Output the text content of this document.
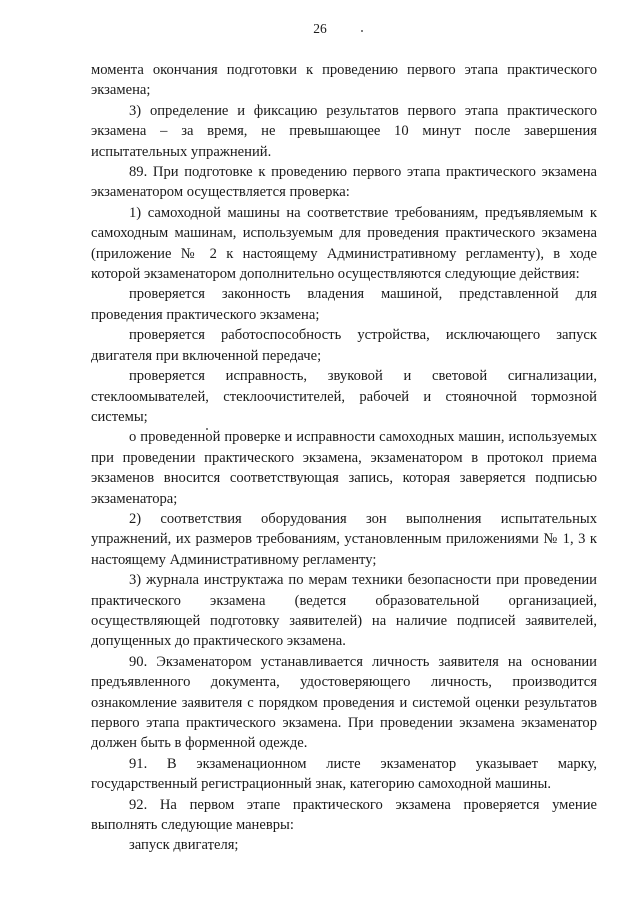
26

момента окончания подготовки к проведению первого этапа практического экзамена;

3) определение и фиксацию результатов первого этапа практического экзамена – за время, не превышающее 10 минут после завершения испытательных упражнений.

89. При подготовке к проведению первого этапа практического экзамена экзаменатором осуществляется проверка:

1) самоходной машины на соответствие требованиям, предъявляемым к самоходным машинам, используемым для проведения практического экзамена (приложение № 2 к настоящему Административному регламенту), в ходе которой экзаменатором дополнительно осуществляются следующие действия:

проверяется законность владения машиной, представленной для проведения практического экзамена;

проверяется работоспособность устройства, исключающего запуск двигателя при включенной передаче;

проверяется исправность, звуковой и световой сигнализации, стеклоомывателей, стеклоочистителей, рабочей и стояночной тормозной системы;

о проведенной проверке и исправности самоходных машин, используемых при проведении практического экзамена, экзаменатором в протокол приема экзаменов вносится соответствующая запись, которая заверяется подписью экзаменатора;

2) соответствия оборудования зон выполнения испытательных упражнений, их размеров требованиям, установленным приложениями № 1, 3 к настоящему Административному регламенту;

3) журнала инструктажа по мерам техники безопасности при проведении практического экзамена (ведется образовательной организацией, осуществляющей подготовку заявителей) на наличие подписей заявителей, допущенных до практического экзамена.

90. Экзаменатором устанавливается личность заявителя на основании предъявленного документа, удостоверяющего личность, производится ознакомление заявителя с порядком проведения и системой оценки результатов первого этапа практического экзамена. При проведении экзамена экзаменатор должен быть в форменной одежде.

91. В экзаменационном листе экзаменатор указывает марку, государственный регистрационный знак, категорию самоходной машины.

92. На первом этапе практического экзамена проверяется умение выполнять следующие маневры:

запуск двигателя;
